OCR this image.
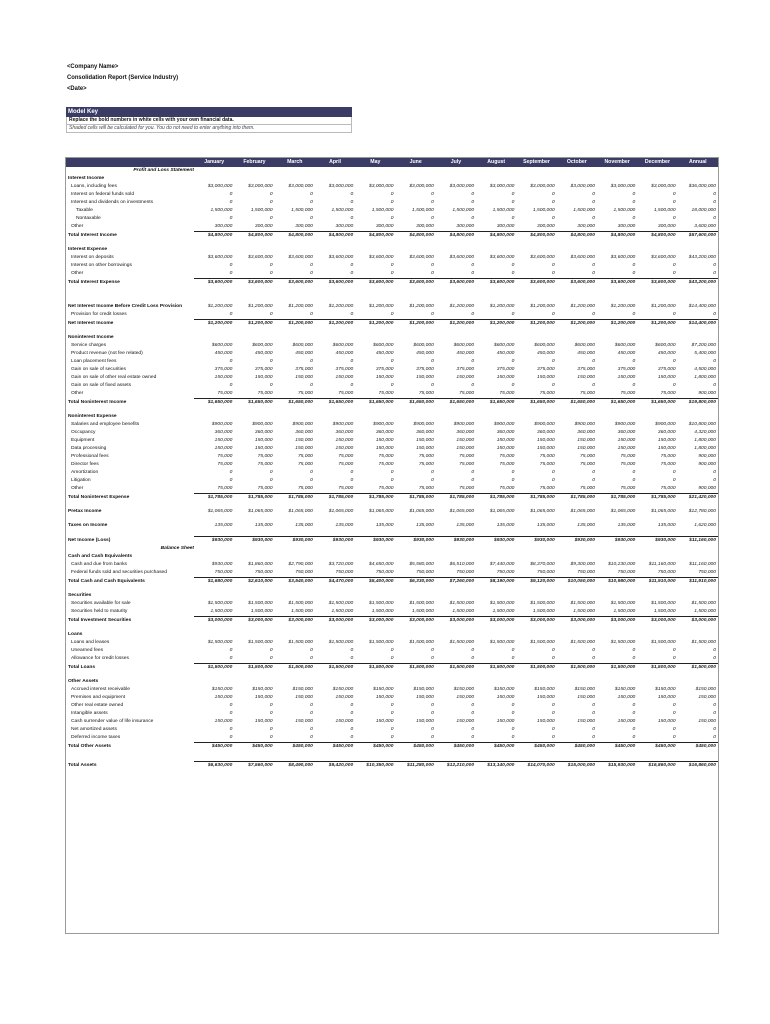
<Company Name>
Consolidation Report (Service Industry)
<Date>
Model Key
Replace the bold numbers in white cells with your own financial data.
Shaded cells will be calculated for you. You do not need to enter anything into them.
	January	February	March	April	May	June	July	August	September	October	November	December	Annual
Profit and Loss Statement													
Interest Income													
Loans, including fees	$3,000,000	$3,000,000	$3,000,000	$3,000,000	$3,000,000	$3,000,000	$3,000,000	$3,000,000	$3,000,000	$3,000,000	$3,000,000	$3,000,000	$36,000,000
Interest on federal funds sold	0	0	0	0	0	0	0	0	0	0	0	0	0
Interest and dividends on investments	0	0	0	0	0	0	0	0	0	0	0	0	0
Taxable	1,500,000	1,500,000	1,500,000	1,500,000	1,500,000	1,500,000	1,500,000	1,500,000	1,500,000	1,500,000	1,500,000	1,500,000	18,000,000
Nontaxable	0	0	0	0	0	0	0	0	0	0	0	0	0
Other	300,000	300,000	300,000	300,000	300,000	300,000	300,000	300,000	300,000	300,000	300,000	300,000	3,600,000
Total Interest Income	$4,800,000	$4,800,000	$4,800,000	$4,800,000	$4,800,000	$4,800,000	$4,800,000	$4,800,000	$4,800,000	$4,800,000	$4,800,000	$4,800,000	$57,600,000

Interest Expense													
Interest on deposits	$3,600,000	$3,600,000	$3,600,000	$3,600,000	$3,600,000	$3,600,000	$3,600,000	$3,600,000	$3,600,000	$3,600,000	$3,600,000	$3,600,000	$43,200,000
Interest on other borrowings	0	0	0	0	0	0	0	0	0	0	0	0	0
Other	0	0	0	0	0	0	0	0	0	0	0	0	0
Total Interest Expense	$3,600,000	$3,600,000	$3,600,000	$3,600,000	$3,600,000	$3,600,000	$3,600,000	$3,600,000	$3,600,000	$3,600,000	$3,600,000	$3,600,000	$43,200,000

Net Interest Income Before Credit Loss Provision	$1,200,000	$1,200,000	$1,200,000	$1,200,000	$1,200,000	$1,200,000	$1,200,000	$1,200,000	$1,200,000	$1,200,000	$1,200,000	$1,200,000	$14,400,000
Provision for credit losses	0	0	0	0	0	0	0	0	0	0	0	0	0
Net Interest Income	$1,200,000	$1,200,000	$1,200,000	$1,200,000	$1,200,000	$1,200,000	$1,200,000	$1,200,000	$1,200,000	$1,200,000	$1,200,000	$1,200,000	$14,400,000

Noninterest Income													
Service charges	$600,000	$600,000	$600,000	$600,000	$600,000	$600,000	$600,000	$600,000	$600,000	$600,000	$600,000	$600,000	$7,200,000
Product revenue (not fee related)	450,000	450,000	450,000	450,000	450,000	450,000	450,000	450,000	450,000	450,000	450,000	450,000	5,400,000
Loan placement fees	0	0	0	0	0	0	0	0	0	0	0	0	0
Gain on sale of securities	375,000	375,000	375,000	375,000	375,000	375,000	375,000	375,000	375,000	375,000	375,000	375,000	4,500,000
Gain on sale of other real estate owned	150,000	150,000	150,000	150,000	150,000	150,000	150,000	150,000	150,000	150,000	150,000	150,000	1,800,000
Gain on sale of fixed assets	0	0	0	0	0	0	0	0	0	0	0	0	0
Other	75,000	75,000	75,000	75,000	75,000	75,000	75,000	75,000	75,000	75,000	75,000	75,000	900,000
Total Noninterest Income	$1,650,000	$1,650,000	$1,650,000	$1,650,000	$1,650,000	$1,650,000	$1,650,000	$1,650,000	$1,650,000	$1,650,000	$1,650,000	$1,650,000	$19,800,000

Noninterest Expense													
Salaries and employee benefits	$900,000	$900,000	$900,000	$900,000	$900,000	$900,000	$900,000	$900,000	$900,000	$900,000	$900,000	$900,000	$10,800,000
Occupancy	360,000	360,000	360,000	360,000	360,000	360,000	360,000	360,000	360,000	360,000	360,000	360,000	4,320,000
Equipment	150,000	150,000	150,000	150,000	150,000	150,000	150,000	150,000	150,000	150,000	150,000	150,000	1,800,000
Data processing	150,000	150,000	150,000	150,000	150,000	150,000	150,000	150,000	150,000	150,000	150,000	150,000	1,800,000
Professional fees	75,000	75,000	75,000	75,000	75,000	75,000	75,000	75,000	75,000	75,000	75,000	75,000	900,000
Director fees	75,000	75,000	75,000	75,000	75,000	75,000	75,000	75,000	75,000	75,000	75,000	75,000	900,000
Amortization	0	0	0	0	0	0	0	0	0	0	0	0	0
Litigation	0	0	0	0	0	0	0	0	0	0	0	0	0
Other	75,000	75,000	75,000	75,000	75,000	75,000	75,000	75,000	75,000	75,000	75,000	75,000	900,000
Total Noninterest Expense	$1,785,000	$1,785,000	$1,785,000	$1,785,000	$1,785,000	$1,785,000	$1,785,000	$1,785,000	$1,785,000	$1,785,000	$1,785,000	$1,785,000	$21,420,000

Pretax Income	$1,065,000	$1,065,000	$1,065,000	$1,065,000	$1,065,000	$1,065,000	$1,065,000	$1,065,000	$1,065,000	$1,065,000	$1,065,000	$1,065,000	$12,780,000

Taxes on Income	135,000	135,000	135,000	135,000	135,000	135,000	135,000	135,000	135,000	135,000	135,000	135,000	1,620,000

Net Income (Loss)	$930,000	$930,000	$930,000	$930,000	$930,000	$930,000	$930,000	$930,000	$930,000	$930,000	$930,000	$930,000	$11,160,000
Balance Sheet													
Cash and Cash Equivalents													
Cash and due from banks	$930,000	$1,860,000	$2,790,000	$3,720,000	$4,650,000	$5,580,000	$6,510,000	$7,440,000	$8,370,000	$9,300,000	$10,230,000	$11,160,000	$11,160,000
Federal funds sold and securities purchased	750,000	750,000	750,000	750,000	750,000	750,000	750,000	750,000	750,000	750,000	750,000	750,000	750,000
Total Cash and Cash Equivalents	$1,680,000	$2,610,000	$3,540,000	$4,470,000	$5,400,000	$6,330,000	$7,260,000	$8,190,000	$9,120,000	$10,050,000	$10,980,000	$11,910,000	$11,910,000

Securities													
Securities available for sale	$1,500,000	$1,500,000	$1,500,000	$1,500,000	$1,500,000	$1,500,000	$1,500,000	$1,500,000	$1,500,000	$1,500,000	$1,500,000	$1,500,000	$1,500,000
Securities held to maturity	1,500,000	1,500,000	1,500,000	1,500,000	1,500,000	1,500,000	1,500,000	1,500,000	1,500,000	1,500,000	1,500,000	1,500,000	1,500,000
Total Investment Securities	$3,000,000	$3,000,000	$3,000,000	$3,000,000	$3,000,000	$3,000,000	$3,000,000	$3,000,000	$3,000,000	$3,000,000	$3,000,000	$3,000,000	$3,000,000

Loans													
Loans and leases	$1,500,000	$1,500,000	$1,500,000	$1,500,000	$1,500,000	$1,500,000	$1,500,000	$1,500,000	$1,500,000	$1,500,000	$1,500,000	$1,500,000	$1,500,000
Unearned fees	0	0	0	0	0	0	0	0	0	0	0	0	0
Allowance for credit losses	0	0	0	0	0	0	0	0	0	0	0	0	0
Total Loans	$1,500,000	$1,500,000	$1,500,000	$1,500,000	$1,500,000	$1,500,000	$1,500,000	$1,500,000	$1,500,000	$1,500,000	$1,500,000	$1,500,000	$1,500,000

Other Assets													
Accrued interest receivable	$150,000	$150,000	$150,000	$150,000	$150,000	$150,000	$150,000	$150,000	$150,000	$150,000	$150,000	$150,000	$150,000
Premises and equipment	150,000	150,000	150,000	150,000	150,000	150,000	150,000	150,000	150,000	150,000	150,000	150,000	150,000
Other real estate owned	0	0	0	0	0	0	0	0	0	0	0	0	0
Intangible assets	0	0	0	0	0	0	0	0	0	0	0	0	0
Cash surrender value of life insurance	150,000	150,000	150,000	150,000	150,000	150,000	150,000	150,000	150,000	150,000	150,000	150,000	150,000
Net amortized assets	0	0	0	0	0	0	0	0	0	0	0	0	0
Deferred income taxes	0	0	0	0	0	0	0	0	0	0	0	0	0
Total Other Assets	$450,000	$450,000	$450,000	$450,000	$450,000	$450,000	$450,000	$450,000	$450,000	$450,000	$450,000	$450,000	$450,000

Total Assets	$6,630,000	$7,560,000	$8,490,000	$9,420,000	$10,350,000	$11,280,000	$12,210,000	$13,140,000	$14,070,000	$15,000,000	$15,930,000	$16,860,000	$16,860,000
